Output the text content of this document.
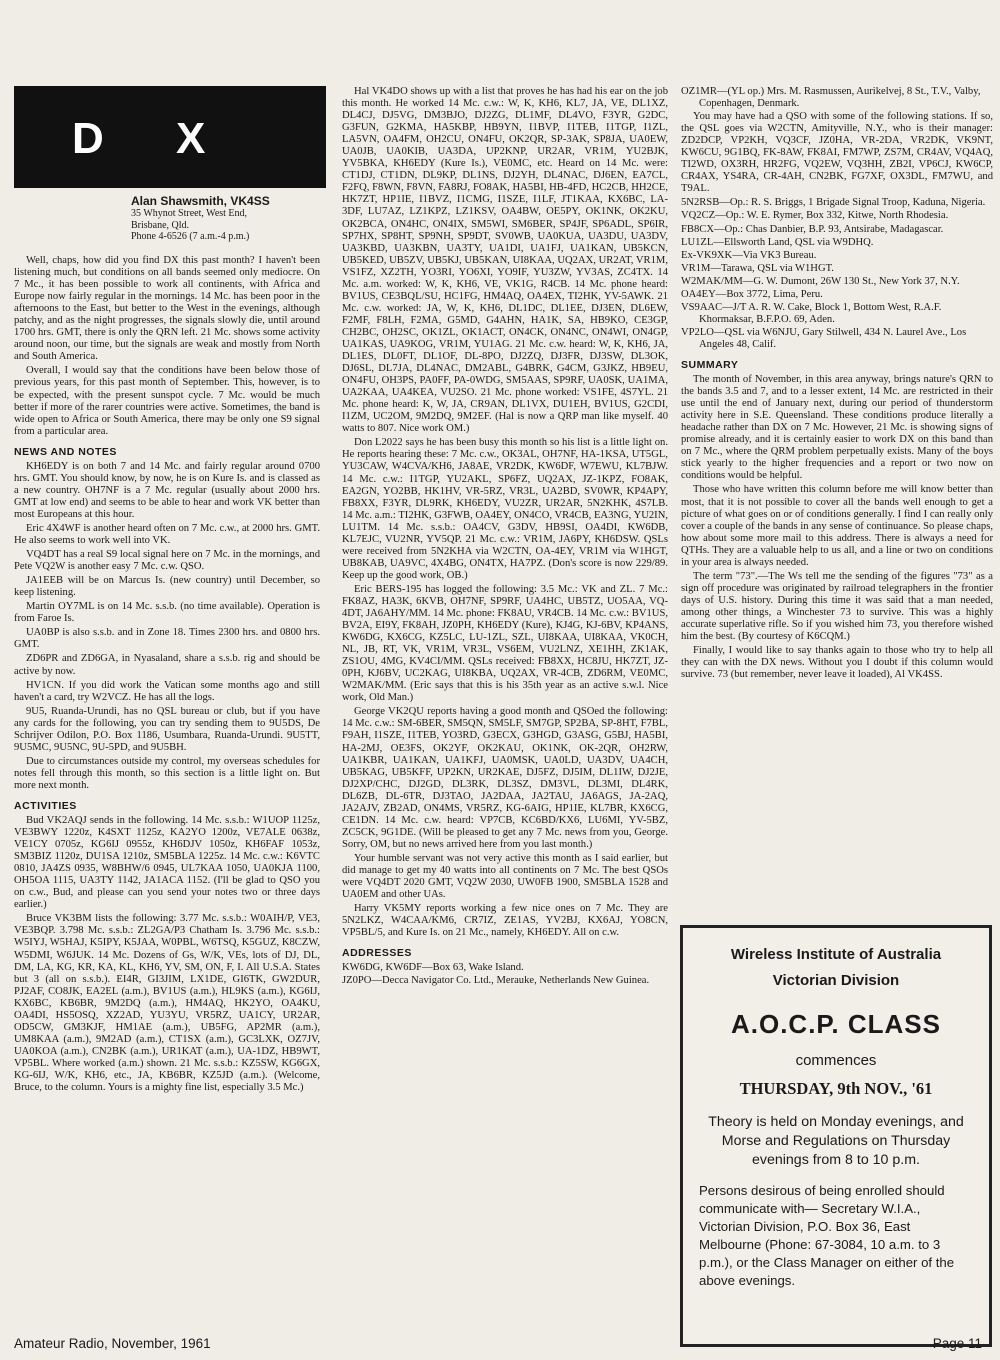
D X
Alan Shawsmith, VK4SS
35 Whynot Street, West End,
Brisbane, Qld.
Phone 4-6526 (7 a.m.-4 p.m.)

Well, chaps, how did you find DX this past month? I haven't been listening much, but conditions on all bands seemed only mediocre. On 7 Mc., it has been possible to work all continents, with Africa and Europe now fairly regular in the mornings. 14 Mc. has been poor in the afternoons to the East, but better to the West in the evenings, although patchy, and as the night progresses, the signals slowly die, until around 1700 hrs. GMT, there is only the QRN left. 21 Mc. shows some activity around noon, our time, but the signals are weak and mostly from North and South America.

Overall, I would say that the conditions have been below those of previous years, for this past month of September. This, however, is to be expected, with the present sunspot cycle. 7 Mc. would be much better if more of the rarer countries were active. Sometimes, the band is wide open to Africa or South America, there may be only one S9 signal from a particular area.

NEWS AND NOTES

KH6EDY is on both 7 and 14 Mc. and fairly regular around 0700 hrs. GMT. You should know, by now, he is on Kure Is. and is classed as a new country. OH7NF is a 7 Mc. regular (usually about 2000 hrs. GMT at low end) and seems to be able to hear and work VK better than most Europeans at this hour.

Eric 4X4WF is another heard often on 7 Mc. c.w., at 2000 hrs. GMT. He also seems to work well into VK.

VQ4DT has a real S9 local signal here on 7 Mc. in the mornings, and Pete VQ2W is another easy 7 Mc. c.w. QSO.

JA1EEB will be on Marcus Is. (new country) until December, so keep listening.

Martin OY7ML is on 14 Mc. s.s.b. (no time available). Operation is from Faroe Is.

UA0BP is also s.s.b. and in Zone 18. Times 2300 hrs. and 0800 hrs. GMT.

ZD6PR and ZD6GA, in Nyasaland, share a s.s.b. rig and should be active by now.

HV1CN. If you did work the Vatican some months ago and still haven't a card, try W2VCZ. He has all the logs.

9U5, Ruanda-Urundi, has no QSL bureau or club, but if you have any cards for the following, you can try sending them to 9U5DS, De Schrijver Odilon, P.O. Box 1186, Usumbara, Ruanda-Urundi. 9U5TT, 9U5MC, 9U5NC, 9U-5PD, and 9U5BH.

Due to circumstances outside my control, my overseas schedules for notes fell through this month, so this section is a little light on. But more next month.

ACTIVITIES

Bud VK2AQJ sends in the following. 14 Mc. s.s.b.: W1UOP 1125z, VE3BWY 1220z, K4SXT 1125z, KA2YO 1200z, VE7ALE 0638z, VE1CY 0705z, KG6IJ 0955z, KH6DJV 1050z, KH6FAF 1053z, SM3BIZ 1120z, DU1SA 1210z, SM5BLA 1225z. 14 Mc. c.w.: K6VTC 0810, JA4ZS 0935, W8BHW/6 0945, UL7KAA 1050, UA0KJA 1100, OH5OA 1115, UA3TY 1142, JA1ACA 1152. (I'll be glad to QSO you on c.w., Bud, and please can you send your notes two or three days earlier.)

Bruce VK3BM lists the following: 3.77 Mc. s.s.b.: W0AIH/P, VE3, VE3BQP. 3.798 Mc. s.s.b.: ZL2GA/P3 Chatham Is. 3.796 Mc. s.s.b.: W5IYJ, W5HAJ, K5IPY, K5JAA, W0PBL, W6TSQ, K5GUZ, K8CZW, W5DMI, W6JUK. 14 Mc. Dozens of Gs, W/K, VEs, lots of DJ, DL, DM, LA, KG, KR, KA, KL, KH6, YV, SM, ON, F, I. All U.S.A. States but 3 (all on s.s.b.). EI4R, GI3JIM, LX1DE, GI6TK, GW2DUR, PJ2AF, CO8JK, EA2EL (a.m.), BV1US (a.m.), HL9KS (a.m.), KG6IJ, KX6BC, KB6BR, 9M2DQ (a.m.), HM4AQ, HK2YO, OA4KU, OA4DI, HS5OSQ, XZ2AD, YU3YU, VR5RZ, UA1CY, UR2AR, OD5CW, GM3KJF, HM1AE (a.m.), UB5FG, AP2MR (a.m.), UM8KAA (a.m.), 9M2AD (a.m.), CT1SX (a.m.), GC3LXK, OZ7JV, UA0KOA (a.m.), CN2BK (a.m.), UR1KAT (a.m.), UA-1DZ, HB9WT, VP5BL. Where worked (a.m.) shown. 21 Mc. s.s.b.: KZ5SW, KG6GX, KG-6IJ, W/K, KH6, etc., JA, KB6BR, KZ5JD (a.m.). (Welcome, Bruce, to the column. Yours is a mighty fine list, especially 3.5 Mc.)

Hal VK4DO shows up with a list that proves he has had his ear on the job this month. He worked 14 Mc. c.w.: W, K, KH6, KL7, JA, VE, DL1XZ, DL4CJ, DJ5VG, DM3BJO, DJ2ZG, DL1MF, DL4VO, F3YR, G2DC, G3FUN, G2KMA, HA5KBP, HB9YN, I1BVP, I1TEB, I1TGP, I1ZL, LA5VN, OA4FM, OH2CU, ON4FU, OK2QR, SP-3AK, SP8JA, UA0EW, UA0JB, UA0KIB, UA3DA, UP2KNP, UR2AR, VR1M, YU2BJK, YV5BKA, KH6EDY (Kure Is.), VE0MC, etc. Heard on 14 Mc. were: CT1DJ, CT1DN, DL9KP, DL1NS, DJ2YH, DL4NAC, DJ6EN, EA7CL, F2FQ, F8WN, F8VN, FA8RJ, FO8AK, HA5BI, HB-4FD, HC2CB, HH2CE, HK7ZT, HP1IE, I1BVZ, I1CMG, I1SZE, I1LF, JT1KAA, KX6BC, LA-3DF, LU7AZ, LZ1KPZ, LZ1KSV, OA4BW, OE5PY, OK1NK, OK2KU, OK2BCA, ON4HC, ON4IX, SM5WI, SM6BER, SP4JF, SP6ADL, SP6IR, SP7HX, SP8HT, SP9NH, SP9DT, SV0WB, UA0KUA, UA3DU, UA3DV, UA3KBD, UA3KBN, UA3TY, UA1DI, UA1FJ, UA1KAN, UB5KCN, UB5KED, UB5ZV, UB5KJ, UB5KAN, UI8KAA, UQ2AX, UR2AT, VR1M, VS1FZ, XZ2TH, YO3RI, YO6XI, YO9IF, YU3ZW, YV3AS, ZC4TX. 14 Mc. a.m. worked: W, K, KH6, VE, VK1G, R4CB. 14 Mc. phone heard: BV1US, CE3BQL/SU, HC1FG, HM4AQ, OA4EX, TI2HK, YV-5AWK. 21 Mc. c.w. worked: JA, W, K, KH6, DL1DC, DL1EE, DJ3EN, DL6EW, F2MF, F8LH, F2MA, G5MD, G4AHN, HA1K, SA, HB9KO, CE3GP, CH2BC, OH2SC, OK1ZL, OK1ACT, ON4CK, ON4NC, ON4WI, ON4GP, UA1KAS, UA9KOG, VR1M, YU1AG. 21 Mc. c.w. heard: W, K, KH6, JA, DL1ES, DL0FT, DL1OF, DL-8PO, DJ2ZQ, DJ3FR, DJ3SW, DL3OK, DJ6SL, DL7JA, DL4NAC, DM2ABL, G4BRK, G4CM, G3JKZ, HB9EU, ON4FU, OH3PS, PA0FF, PA-0WDG, SM5AAS, SP9RF, UA0SK, UA1MA, UA2KAA, UA4KEA, VU2SO. 21 Mc. phone worked: VS1FE, 4S7YL. 21 Mc. phone heard: K, W, JA, CR9AN, DL1VX, DU1EH, BV1US, G2CDI, I1ZM, UC2OM, 9M2DQ, 9M2EF. (Hal is now a QRP man like myself. 40 watts to 807. Nice work OM.)

Don L2022 says he has been busy this month so his list is a little light on. He reports hearing these: 7 Mc. c.w., OK3AL, OH7NF, HA-1KSA, UT5GL, YU3CAW, W4CVA/KH6, JA8AE, VR2DK, KW6DF, W7EWU, KL7BJW. 14 Mc. c.w.: I1TGP, YU2AKL, SP6FZ, UQ2AX, JZ-1KPZ, FO8AK, EA2GN, YO2BB, HK1HV, VR-5RZ, VR3L, UA2BD, SV0WR, KP4APY, FB8XX, F3YR, DL9RK, KH6EDY, VU2ZR, UR2AR, 5N2KHK, 4S7LB. 14 Mc. a.m.: TI2HK, G3FWB, OA4EY, ON4CO, VR4CB, EA3NG, YU2IN, LU1TM. 14 Mc. s.s.b.: OA4CV, G3DV, HB9SI, OA4DI, KW6DB, KL7EJC, VU2NR, YV5QP. 21 Mc. c.w.: VR1M, JA6PY, KH6DSW. QSLs were received from 5N2KHA via W2CTN, OA-4EY, VR1M via W1HGT, UB8KAB, UA9VC, 4X4BG, ON4TX, HA7PZ. (Don's score is now 229/89. Keep up the good work, OB.)

Eric BERS-195 has logged the following: 3.5 Mc.: VK and ZL. 7 Mc.: FK8AZ, HA3K, 6KVB, OH7NF, SP9RF, UA4HC, UB5TZ, UO5AA, VQ-4DT, JA6AHY/MM. 14 Mc. phone: FK8AU, VR4CB. 14 Mc. c.w.: BV1US, BV2A, EI9Y, FK8AH, JZ0PH, KH6EDY (Kure), KJ4G, KJ-6BV, KP4ANS, KW6DG, KX6CG, KZ5LC, LU-1ZL, SZL, UI8KAA, UI8KAA, VK0CH, NL, JB, RT, VK, VR1M, VR3L, VS6EM, VU2LNZ, XE1HH, ZK1AK, ZS1OU, 4MG, KV4CI/MM. QSLs received: FB8XX, HC8JU, HK7ZT, JZ-0PH, KJ6BV, UC2KAG, UI8KBA, UQ2AX, VR-4CB, ZD6RM, VE0MC, W2MAK/MM. (Eric says that this is his 35th year as an active s.w.l. Nice work, Old Man.)

George VK2QU reports having a good month and QSOed the following: 14 Mc. c.w.: SM-6BER, SM5QN, SM5LF, SM7GP, SP2BA, SP-8HT, F7BL, F9AH, I1SZE, I1TEB, YO3RD, G3ECX, G3HGD, G3ASG, G5BJ, HA5BI, HA-2MJ, OE3FS, OK2YF, OK2KAU, OK1NK, OK-2QR, OH2RW, UA1KBR, UA1KAN, UA1KFJ, UA0MSK, UA0LD, UA3DV, UA4CH, UB5KAG, UB5KFF, UP2KN, UR2KAE, DJ5FZ, DJ5IM, DL1IW, DJ2JE, DJ2XP/CHC, DJ2GD, DL3RK, DL3SZ, DM3VL, DL3MI, DL4RK, DL6ZB, DL-6TR, DJ3TAO, JA2DAA, JA2TAU, JA6AGS, JA-2AQ, JA2AJV, ZB2AD, ON4MS, VR5RZ, KG-6AIG, HP1IE, KL7BR, KX6CG, CE1DN. 14 Mc. c.w. heard: VP7CB, KC6BD/KX6, LU6MI, YV-5BZ, ZC5CK, 9G1DE. (Will be pleased to get any 7 Mc. news from you, George. Sorry, OM, but no news arrived here from you last month.)

Your humble servant was not very active this month as I said earlier, but did manage to get my 40 watts into all continents on 7 Mc. The best QSOs were VQ4DT 2020 GMT, VQ2W 2030, UW0FB 1900, SM5BLA 1528 and UA0EM and other UAs.

Harry VK5MY reports working a few nice ones on 7 Mc. They are 5N2LKZ, W4CAA/KM6, CR7IZ, ZE1AS, YV2BJ, KX6AJ, YO8CN, VP5BL/5, and Kure Is. on 21 Mc., namely, KH6EDY. All on c.w.

ADDRESSES

KW6DG, KW6DF—Box 63, Wake Island.

JZ0PO—Decca Navigator Co. Ltd., Merauke, Netherlands New Guinea.

OZ1MR—(YL op.) Mrs. M. Rasmussen, Aurikelvej, 8 St., T.V., Valby, Copenhagen, Denmark.

You may have had a QSO with some of the following stations. If so, the QSL goes via W2CTN, Amityville, N.Y., who is their manager: ZD2DCP, VP2KH, VQ3CF, JZ0HA, VR-2DA, VR2DK, VK9NT, KW6CU, 9G1BQ, FK-8AW, FK8AI, FM7WP, ZS7M, CR4AV, VQ4AQ, TI2WD, OX3RH, HR2FG, VQ2EW, VQ3HH, ZB2I, VP6CJ, KW6CP, CR4AX, YS4RA, CR-4AH, CN2BK, FG7XF, OX3DL, FM7WU, and T9AL.

5N2RSB—Op.: R. S. Briggs, 1 Brigade Signal Troop, Kaduna, Nigeria.

VQ2CZ—Op.: W. E. Rymer, Box 332, Kitwe, North Rhodesia.

FB8CX—Op.: Chas Danbier, B.P. 93, Antsirabe, Madagascar.

LU1ZL—Ellsworth Land, QSL via W9DHQ.

Ex-VK9XK—Via VK3 Bureau.

VR1M—Tarawa, QSL via W1HGT.

W2MAK/MM—G. W. Dumont, 26W 130 St., New York 37, N.Y.

OA4EY—Box 3772, Lima, Peru.

VS9AAC—J/T A. R. W. Cake, Block 1, Bottom West, R.A.F. Khormaksar, B.F.P.O. 69, Aden.

VP2LO—QSL via W6NJU, Gary Stilwell, 434 N. Laurel Ave., Los Angeles 48, Calif.

SUMMARY

The month of November, in this area anyway, brings nature's QRN to the bands 3.5 and 7, and to a lesser extent, 14 Mc. are restricted in their use until the end of January next, during our period of thunderstorm activity here in S.E. Queensland. These conditions produce literally a headache rather than DX on 7 Mc. However, 21 Mc. is showing signs of promise already, and it is certainly easier to work DX on this band than on 7 Mc., where the QRM problem perpetually exists. Many of the boys stick yearly to the higher frequencies and a report or two now on conditions would be helpful.

Those who have written this column before me will know better than most, that it is not possible to cover all the bands well enough to get a picture of what goes on or of conditions generally. I find I can really only cover a couple of the bands in any sense of continuance. So please chaps, how about some more mail to this address. There is always a need for QTHs. They are a valuable help to us all, and a line or two on conditions in your area is always needed.

The term "73".—The Ws tell me the sending of the figures "73" as a sign off procedure was originated by railroad telegraphers in the frontier days of U.S. history. During this time it was said that a man needed, among other things, a Winchester 73 to survive. This was a highly accurate superlative rifle. So if you wished him 73, you therefore wished him the best. (By courtesy of K6CQM.)

Finally, I would like to say thanks again to those who try to help all they can with the DX news. Without you I doubt if this column would survive. 73 (but remember, never leave it loaded), Al VK4SS.

Wireless Institute of Australia
Victorian Division
A.O.C.P. CLASS
commences
THURSDAY, 9th NOV., '61
Theory is held on Monday evenings, and Morse and Regulations on Thursday evenings from 8 to 10 p.m.
Persons desirous of being enrolled should communicate with— Secretary W.I.A., Victorian Division, P.O. Box 36, East Melbourne (Phone: 67-3084, 10 a.m. to 3 p.m.), or the Class Manager on either of the above evenings.
Amateur Radio, November, 1961	Page 11
